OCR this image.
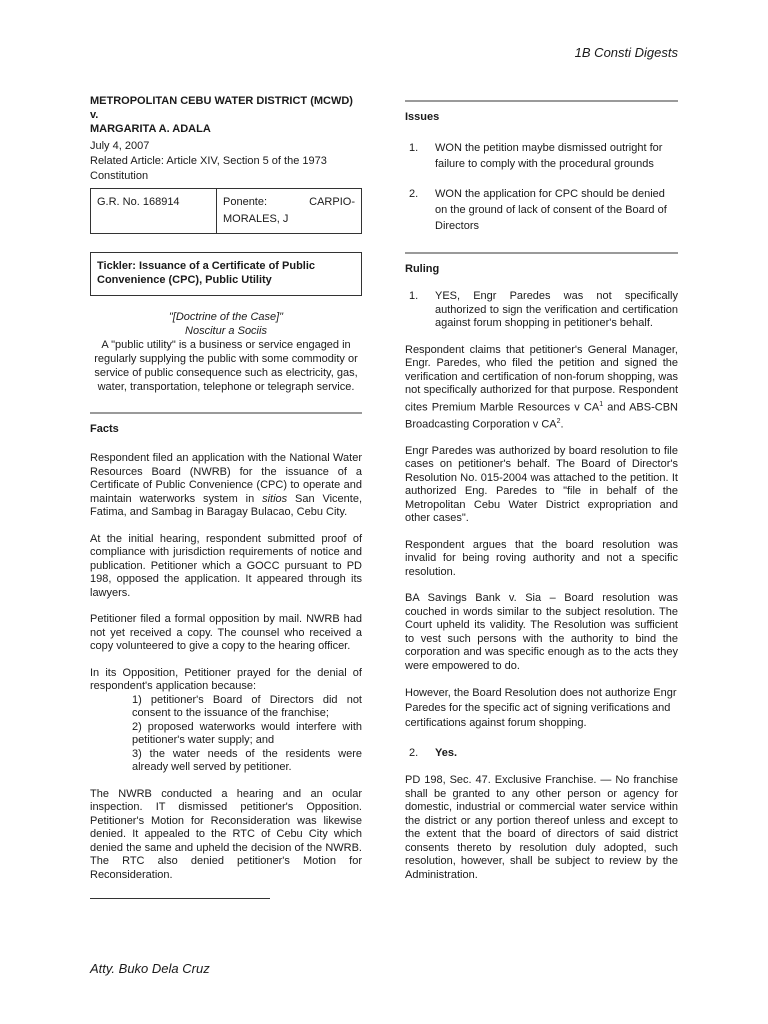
1B Consti Digests

METROPOLITAN CEBU WATER DISTRICT (MCWD)
v.
MARGARITA A. ADALA

July 4, 2007
Related Article: Article XIV, Section 5 of the 1973 Constitution

G.R. No. 168914	Ponente:	CARPIO-
MORALES, J
Tickler: Issuance of a Certificate of Public Convenience (CPC), Public Utility

"[Doctrine of the Case]"

Noscitur a Sociis

A "public utility" is a business or service engaged in regularly supplying the public with some commodity or service of public consequence such as electricity, gas, water, transportation, telephone or telegraph service.

Facts

Respondent filed an application with the National Water Resources Board (NWRB) for the issuance of a Certificate of Public Convenience (CPC) to operate and maintain waterworks system in sitios San Vicente, Fatima, and Sambag in Baragay Bulacao, Cebu City.

At the initial hearing, respondent submitted proof of compliance with jurisdiction requirements of notice and publication. Petitioner which a GOCC pursuant to PD 198, opposed the application. It appeared through its lawyers.

Petitioner filed a formal opposition by mail. NWRB had not yet received a copy. The counsel who received a copy volunteered to give a copy to the hearing officer.

In its Opposition, Petitioner prayed for the denial of respondent's application because:

1) petitioner's Board of Directors did not consent to the issuance of the franchise;
2) proposed waterworks would interfere with petitioner's water supply; and
3) the water needs of the residents were already well served by petitioner.

The NWRB conducted a hearing and an ocular inspection. IT dismissed petitioner's Opposition. Petitioner's Motion for Reconsideration was likewise denied. It appealed to the RTC of Cebu City which denied the same and upheld the decision of the NWRB. The RTC also denied petitioner's Motion for Reconsideration.

Issues

1.	WON the petition maybe dismissed outright for failure to comply with the procedural grounds
2.	WON the application for CPC should be denied on the ground of lack of consent of the Board of Directors

Ruling

1.	YES, Engr Paredes was not specifically authorized to sign the verification and certification against forum shopping in petitioner's behalf.

Respondent claims that petitioner's General Manager, Engr. Paredes, who filed the petition and signed the verification and certification of non-forum shopping, was not specifically authorized for that purpose. Respondent cites Premium Marble Resources v $CA^1$ and ABS-CBN Broadcasting Corporation v $CA^2$.

Engr Paredes was authorized by board resolution to file cases on petitioner's behalf. The Board of Director's Resolution No. 015-2004 was attached to the petition. It authorized Eng. Paredes to "file in behalf of the Metropolitan Cebu Water District expropriation and other cases".

Respondent argues that the board resolution was invalid for being roving authority and not a specific resolution.

BA Savings Bank v. Sia – Board resolution was couched in words similar to the subject resolution. The Court upheld its validity. The Resolution was sufficient to vest such persons with the authority to bind the corporation and was specific enough as to the acts they were empowered to do.

However, the Board Resolution does not authorize Engr Paredes for the specific act of signing verifications and certifications against forum shopping.

2.	Yes.

PD 198, Sec. 47. Exclusive Franchise. — No franchise shall be granted to any other person or agency for domestic, industrial or commercial water service within the district or any portion thereof unless and except to the extent that the board of directors of said district consents thereto by resolution duly adopted, such resolution, however, shall be subject to review by the Administration.

Atty. Buko Dela Cruz
